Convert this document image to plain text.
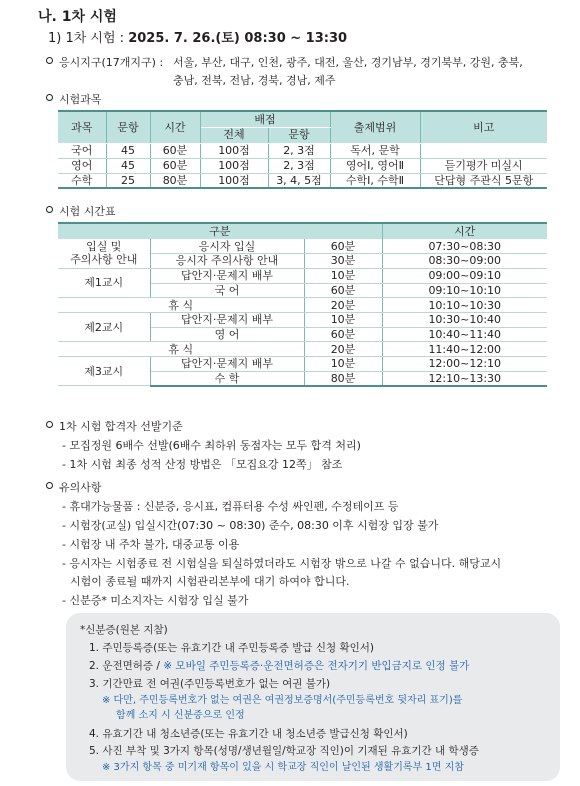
나. 1차 시험
1) 1차 시험 : 2025. 7. 26.(토) 08:30 ~ 13:30
응시지구(17개지구) : 서울, 부산, 대구, 인천, 광주, 대전, 울산, 경기남부, 경기북부, 강원, 충북,
충남, 전북, 전남, 경북, 경남, 제주
시험과목
과목	문항	시간	배점		출제범위	비고
			전체	문항		
국어	45	60분	100점	2, 3점	독서, 문학	
영어	45	60분	100점	2, 3점	영어Ⅰ, 영어Ⅱ	듣기평가 미실시
수학	25	80분	100점	3, 4, 5점	수학Ⅰ, 수학Ⅱ	단답형 주관식 5문항
시험 시간표
구분			시간
입실 및
주의사항 안내	응시자 입실	60분	07:30~08:30
	응시자 주의사항 안내	30분	08:30~09:00
제1교시	답안지·문제지 배부	10분	09:00~09:10
	국 어	60분	09:10~10:10
휴 식		20분	10:10~10:30
제2교시	답안지·문제지 배부	10분	10:30~10:40
	영 어	60분	10:40~11:40
휴 식		20분	11:40~12:00
제3교시	답안지·문제지 배부	10분	12:00~12:10
	수 학	80분	12:10~13:30
1차 시험 합격자 선발기준
- 모집정원 6배수 선발(6배수 최하위 동점자는 모두 합격 처리)
- 1차 시험 최종 성적 산정 방법은 「모집요강 12쪽」 참조
유의사항
- 휴대가능물품 : 신분증, 응시표, 컴퓨터용 수성 싸인펜, 수정테이프 등
- 시험장(교실) 입실시간(07:30 ~ 08:30) 준수, 08:30 이후 시험장 입장 불가
- 시험장 내 주차 불가, 대중교통 이용
- 응시자는 시험종료 전 시험실을 퇴실하였더라도 시험장 밖으로 나갈 수 없습니다. 해당교시
시험이 종료될 때까지 시험관리본부에 대기 하여야 합니다.
- 신분증* 미소지자는 시험장 입실 불가
*신분증(원본 지참)
1. 주민등록증(또는 유효기간 내 주민등록증 발급 신청 확인서)
2. 운전면허증 / ※ 모바일 주민등록증·운전면허증은 전자기기 반입금지로 인정 불가
3. 기간만료 전 여권(주민등록번호가 없는 여권 불가)
※ 다만, 주민등록번호가 없는 여권은 여권정보증명서(주민등록번호 뒷자리 표기)를
함께 소지 시 신분증으로 인정
4. 유효기간 내 청소년증(또는 유효기간 내 청소년증 발급신청 확인서)
5. 사진 부착 및 3가지 항목(성명/생년월일/학교장 직인)이 기재된 유효기간 내 학생증
※ 3가지 항목 중 미기재 항목이 있을 시 학교장 직인이 날인된 생활기록부 1면 지참
